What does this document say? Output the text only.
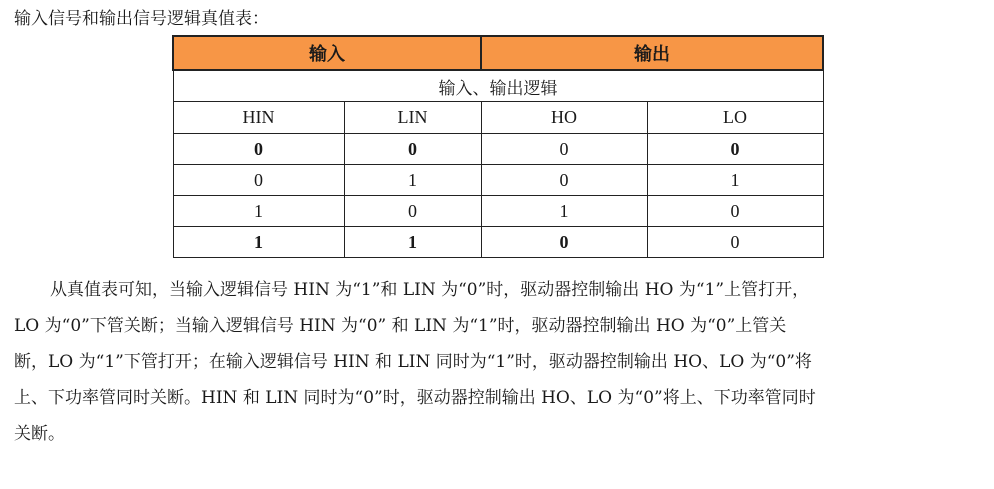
输入信号和输出信号逻辑真值表：
输入		输出	
输入、输出逻辑			
HIN	LIN	HO	LO
0	0	0	0
0	1	0	1
1	0	1	0
1	1	0	0
从真值表可知，当输入逻辑信号 HIN 为“1”和 LIN 为“0”时，驱动器控制输出 HO 为“1”上管打开，
LO 为“0”下管关断；当输入逻辑信号 HIN 为“0” 和 LIN 为“1”时，驱动器控制输出 HO 为“0”上管关
断，LO 为“1”下管打开；在输入逻辑信号 HIN 和 LIN 同时为“1”时，驱动器控制输出 HO、LO 为“0”将
上、下功率管同时关断。HIN 和 LIN 同时为“0”时，驱动器控制输出 HO、LO 为“0”将上、下功率管同时
关断。
